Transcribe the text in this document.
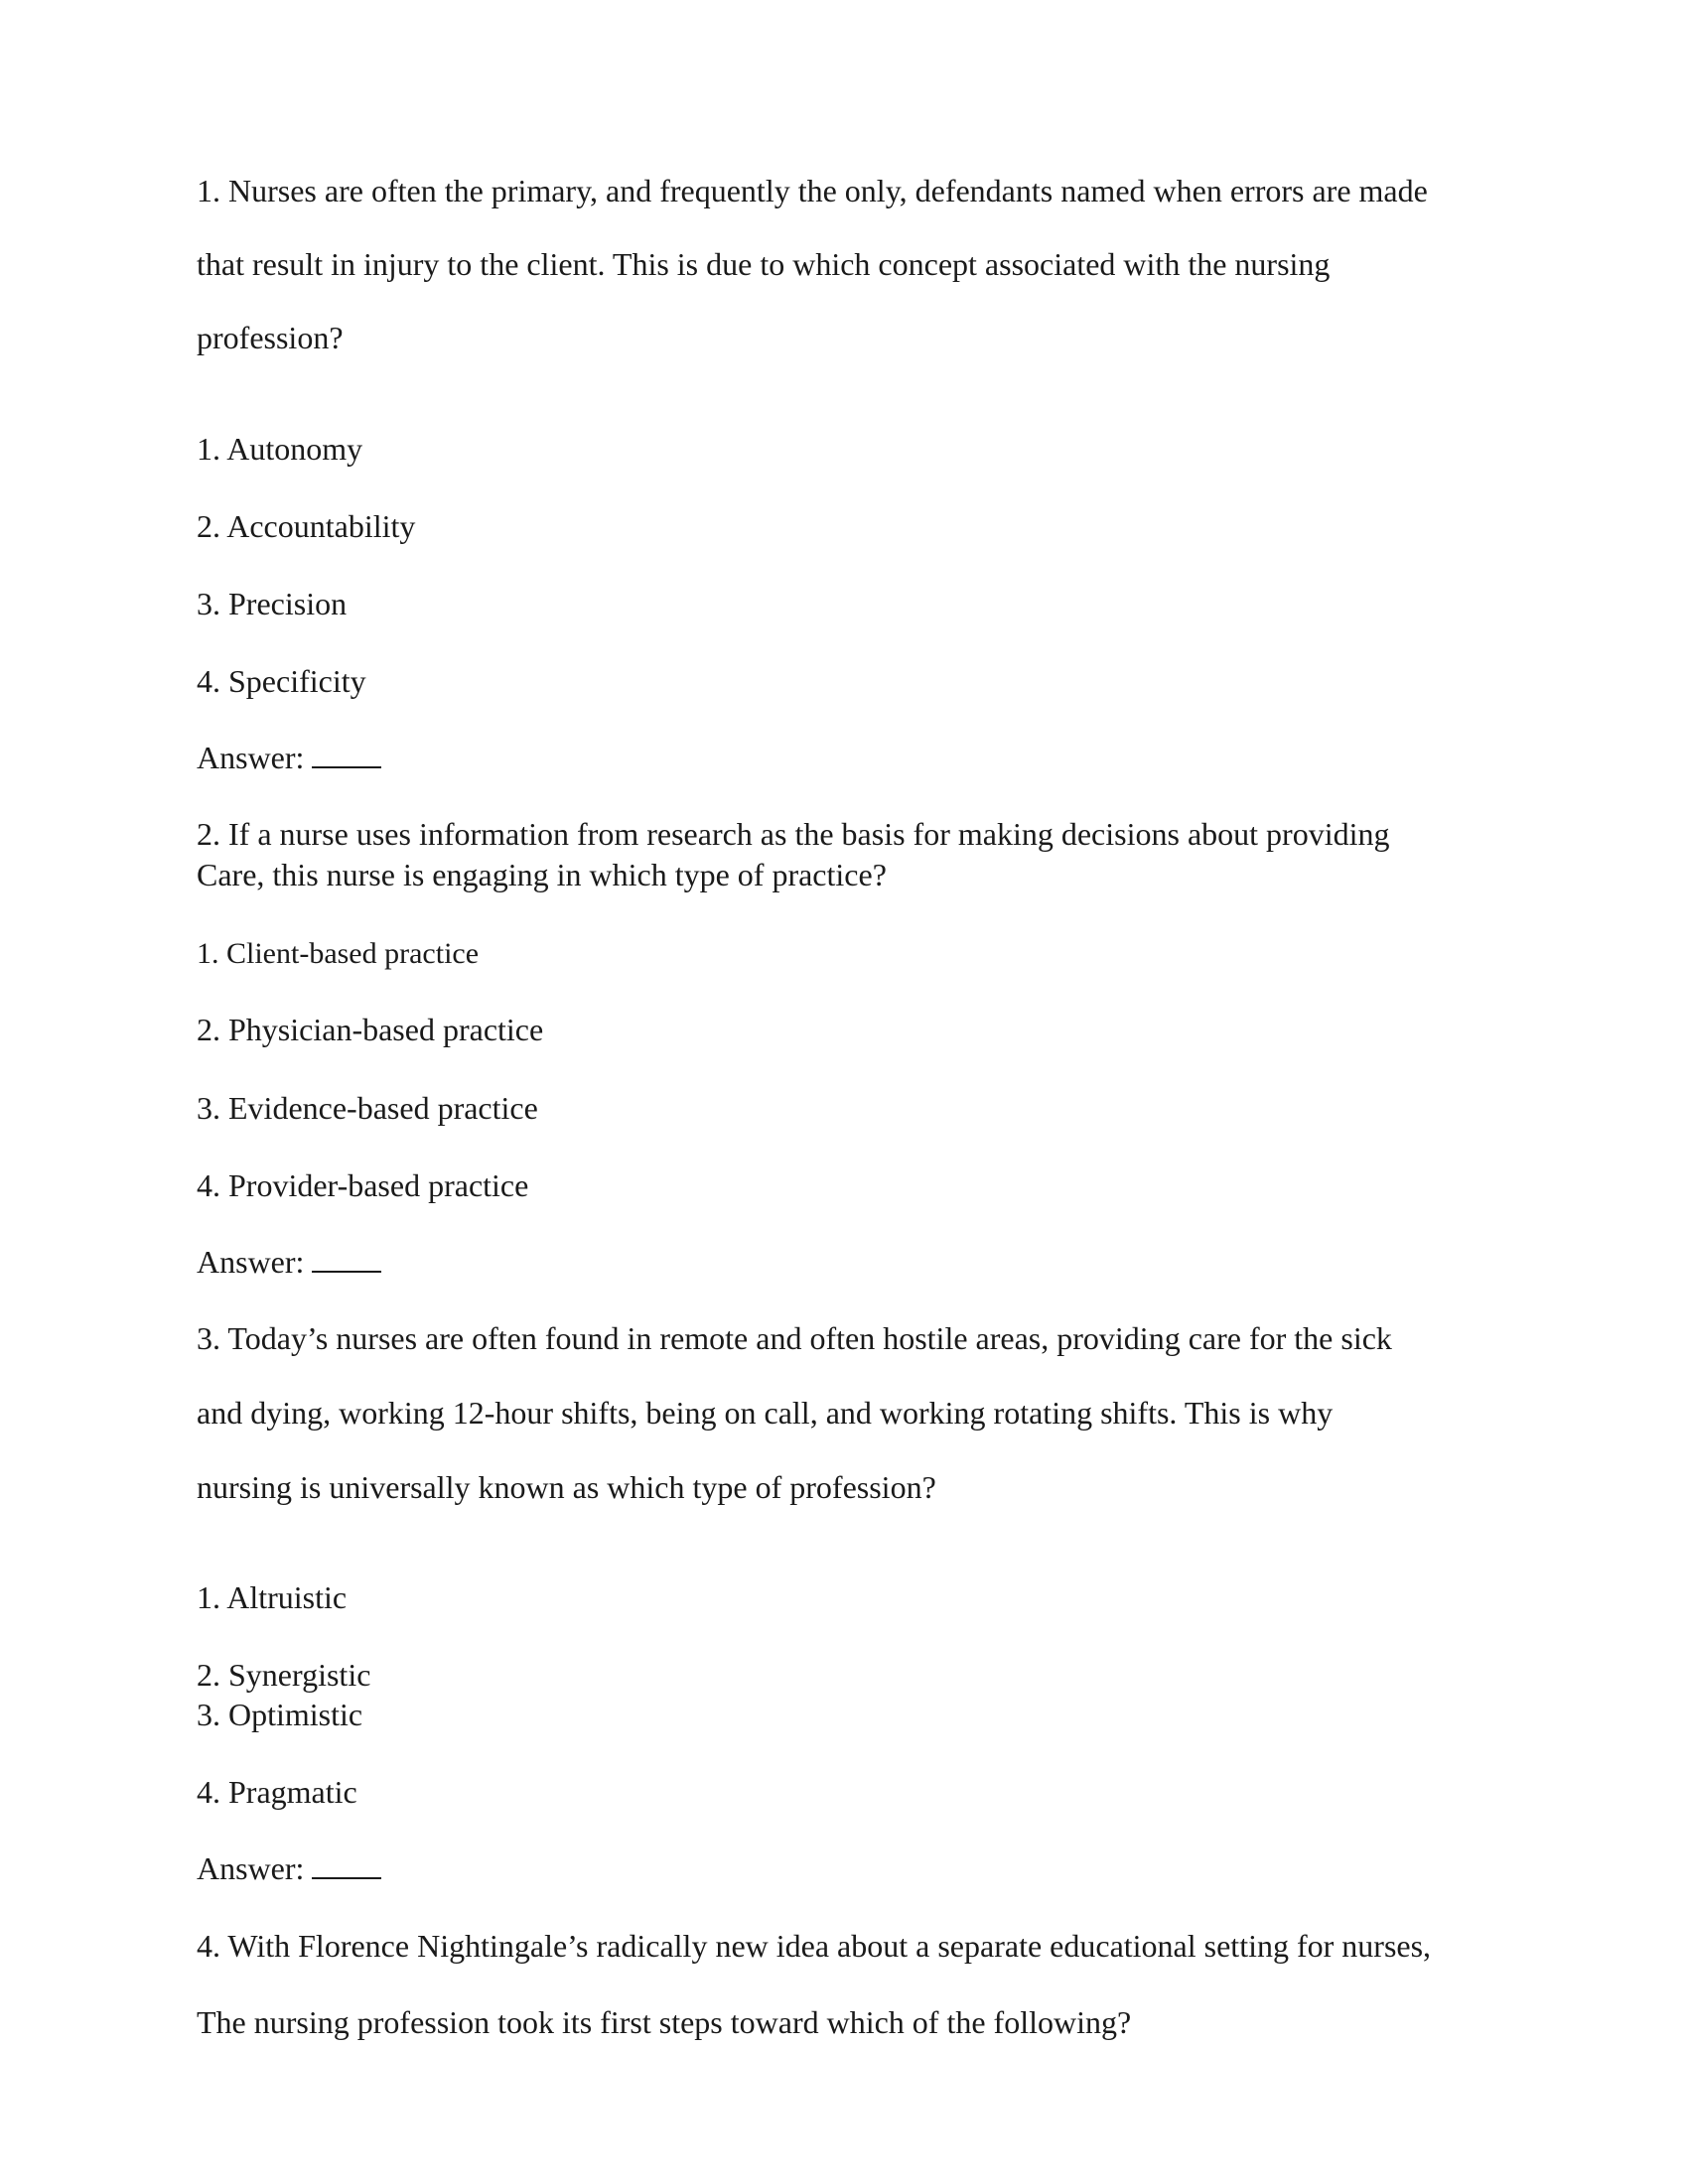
1. Nurses are often the primary, and frequently the only, defendants named when errors are made
that result in injury to the client. This is due to which concept associated with the nursing
profession?
1. Autonomy
2. Accountability
3. Precision
4. Specificity
Answer:
2. If a nurse uses information from research as the basis for making decisions about providing
Care, this nurse is engaging in which type of practice?
1. Client-based practice
2. Physician-based practice
3. Evidence-based practice
4. Provider-based practice
Answer:
3. Today’s nurses are often found in remote and often hostile areas, providing care for the sick
and dying, working 12-hour shifts, being on call, and working rotating shifts. This is why
nursing is universally known as which type of profession?
1. Altruistic
2. Synergistic
3. Optimistic
4. Pragmatic
Answer:
4. With Florence Nightingale’s radically new idea about a separate educational setting for nurses,
The nursing profession took its first steps toward which of the following?
